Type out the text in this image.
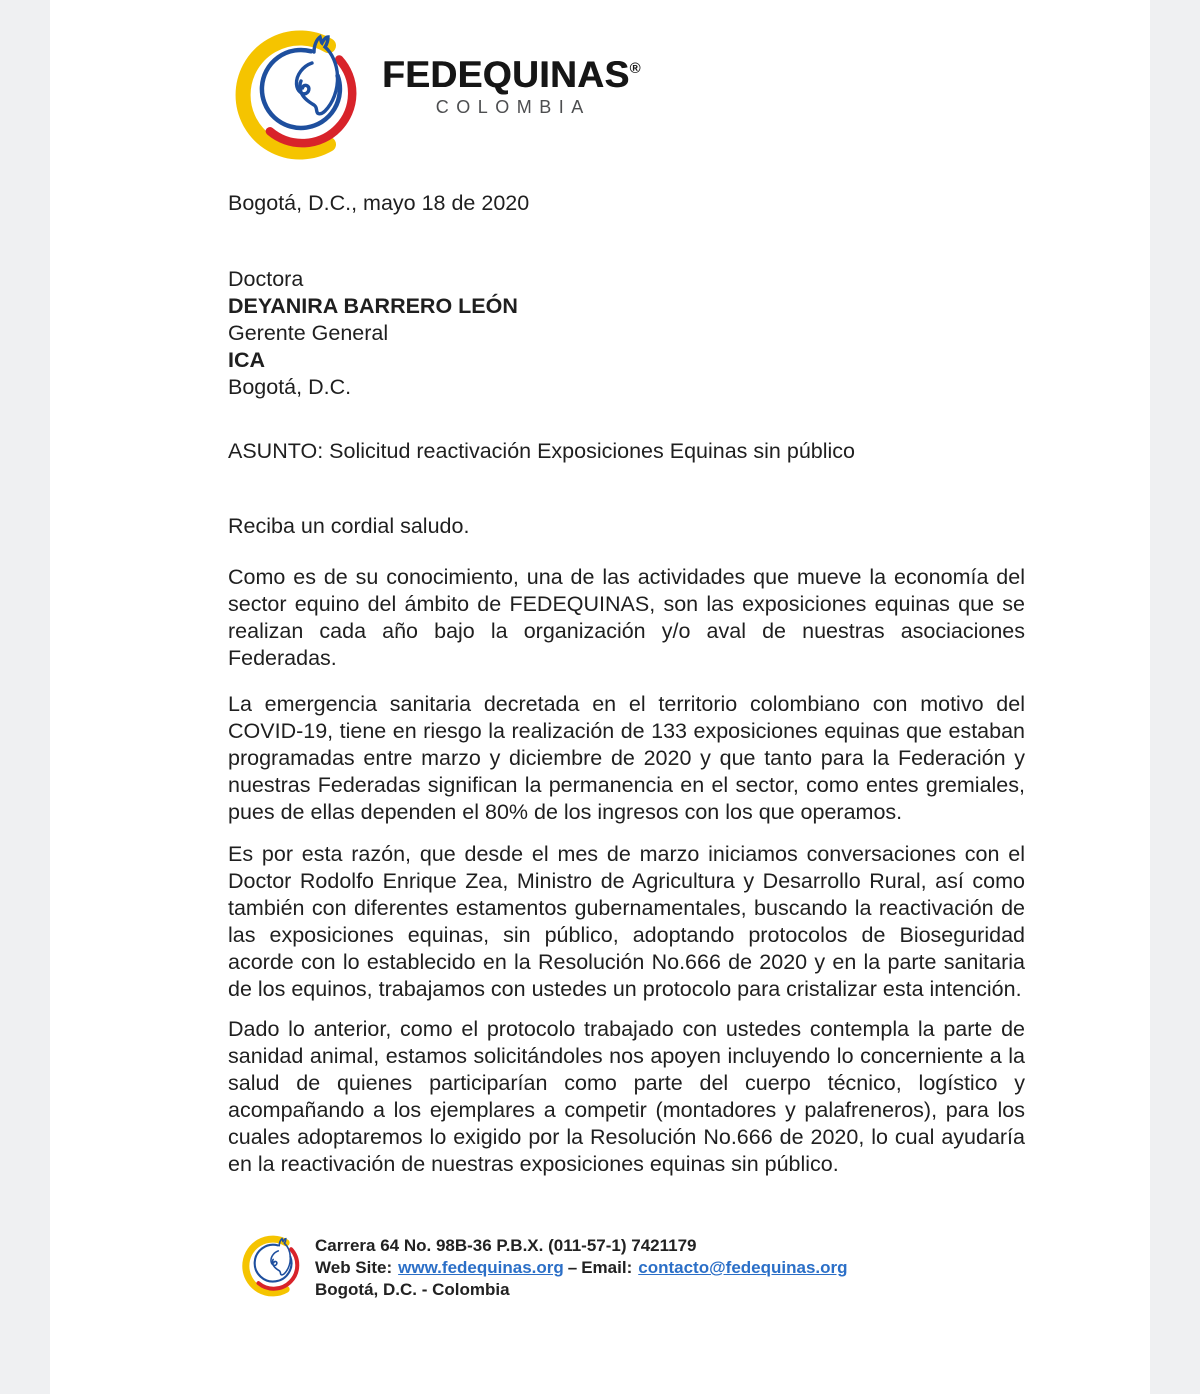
FEDEQUINAS®
COLOMBIA
Bogotá, D.C., mayo 18 de 2020
Doctora
DEYANIRA BARRERO LEÓN
Gerente General
ICA
Bogotá, D.C.
ASUNTO: Solicitud reactivación Exposiciones Equinas sin público
Reciba un cordial saludo.

Como es de su conocimiento, una de las actividades que mueve la economía del sector equino del ámbito de FEDEQUINAS, son las exposiciones equinas que se realizan cada año bajo la organización y/o aval de nuestras asociaciones Federadas.

La emergencia sanitaria decretada en el territorio colombiano con motivo del COVID-19, tiene en riesgo la realización de 133 exposiciones equinas que estaban programadas entre marzo y diciembre de 2020 y que tanto para la Federación y nuestras Federadas significan la permanencia en el sector, como entes gremiales, pues de ellas dependen el 80% de los ingresos con los que operamos.

Es por esta razón, que desde el mes de marzo iniciamos conversaciones con el Doctor Rodolfo Enrique Zea, Ministro de Agricultura y Desarrollo Rural, así como también con diferentes estamentos gubernamentales, buscando la reactivación de las exposiciones equinas, sin público, adoptando protocolos de Bioseguridad acorde con lo establecido en la Resolución No.666 de 2020 y en la parte sanitaria de los equinos, trabajamos con ustedes un protocolo para cristalizar esta intención.

Dado lo anterior, como el protocolo trabajado con ustedes contempla la parte de sanidad animal, estamos solicitándoles nos apoyen incluyendo lo concerniente a la salud de quienes participarían como parte del cuerpo técnico, logístico y acompañando a los ejemplares a competir (montadores y palafreneros), para los cuales adoptaremos lo exigido por la Resolución No.666 de 2020, lo cual ayudaría en la reactivación de nuestras exposiciones equinas sin público.

Carrera 64 No. 98B-36 P.B.X. (011-57-1) 7421179
Web Site: www.fedequinas.org – Email: contacto@fedequinas.org
Bogotá, D.C. - Colombia
